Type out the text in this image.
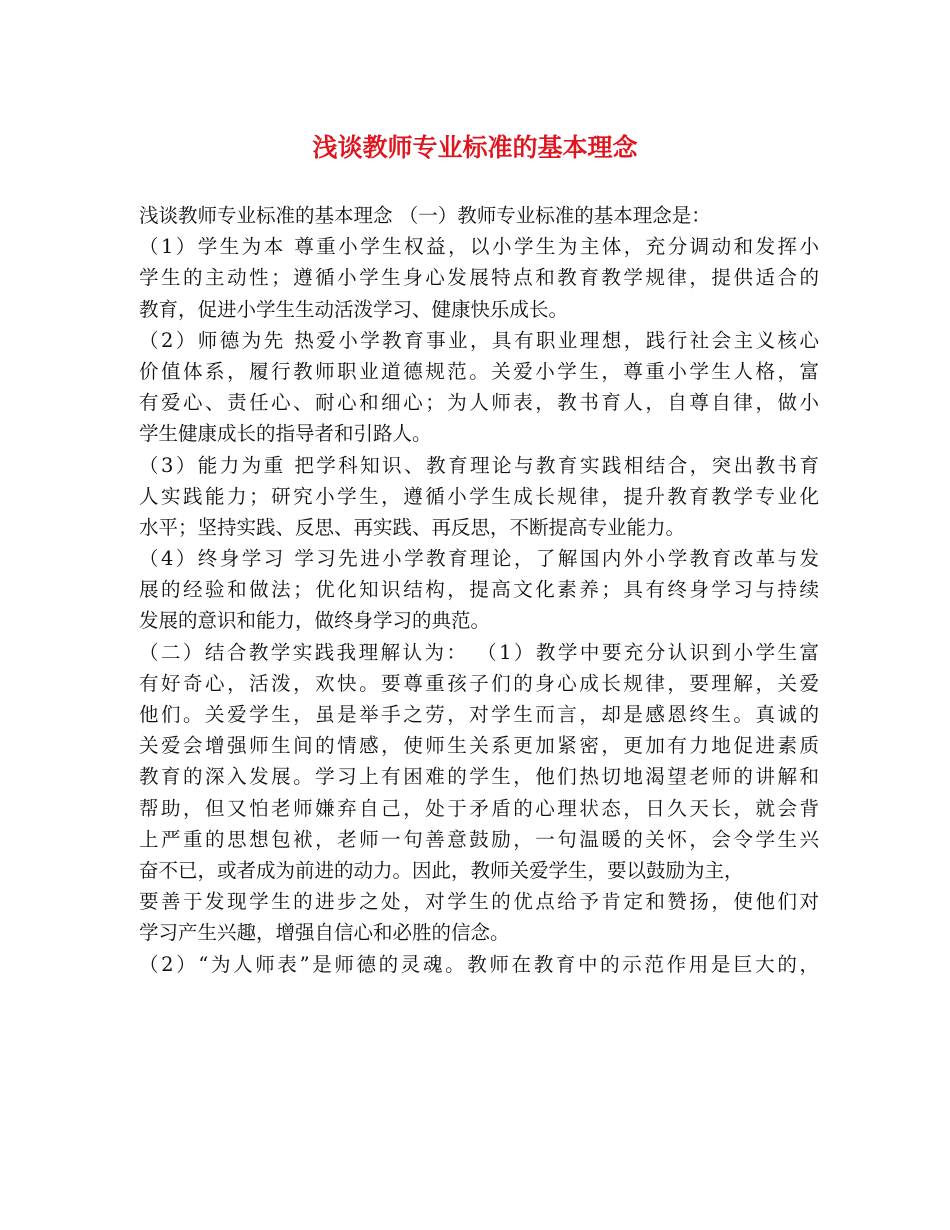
浅谈教师专业标准的基本理念
浅谈教师专业标准的基本理念 （一）教师专业标准的基本理念是：
（1）学生为本 尊重小学生权益，以小学生为主体，充分调动和发挥小
学生的主动性；遵循小学生身心发展特点和教育教学规律，提供适合的
教育，促进小学生生动活泼学习、健康快乐成长。
（2）师德为先 热爱小学教育事业，具有职业理想，践行社会主义核心
价值体系，履行教师职业道德规范。关爱小学生，尊重小学生人格，富
有爱心、责任心、耐心和细心；为人师表，教书育人，自尊自律，做小
学生健康成长的指导者和引路人。
（3）能力为重 把学科知识、教育理论与教育实践相结合，突出教书育
人实践能力；研究小学生，遵循小学生成长规律，提升教育教学专业化
水平；坚持实践、反思、再实践、再反思，不断提高专业能力。
（4）终身学习 学习先进小学教育理论，了解国内外小学教育改革与发
展的经验和做法；优化知识结构，提高文化素养；具有终身学习与持续
发展的意识和能力，做终身学习的典范。
（二）结合教学实践我理解认为： （1）教学中要充分认识到小学生富
有好奇心，活泼，欢快。要尊重孩子们的身心成长规律，要理解，关爱
他们。关爱学生，虽是举手之劳，对学生而言，却是感恩终生。真诚的
关爱会增强师生间的情感，使师生关系更加紧密，更加有力地促进素质
教育的深入发展。学习上有困难的学生，他们热切地渴望老师的讲解和
帮助，但又怕老师嫌弃自己，处于矛盾的心理状态，日久天长，就会背
上严重的思想包袱，老师一句善意鼓励，一句温暖的关怀，会令学生兴
奋不已，或者成为前进的动力。因此，教师关爱学生，要以鼓励为主，
要善于发现学生的进步之处，对学生的优点给予肯定和赞扬，使他们对
学习产生兴趣，增强自信心和必胜的信念。
（2）“为人师表”是师德的灵魂。教师在教育中的示范作用是巨大的，
